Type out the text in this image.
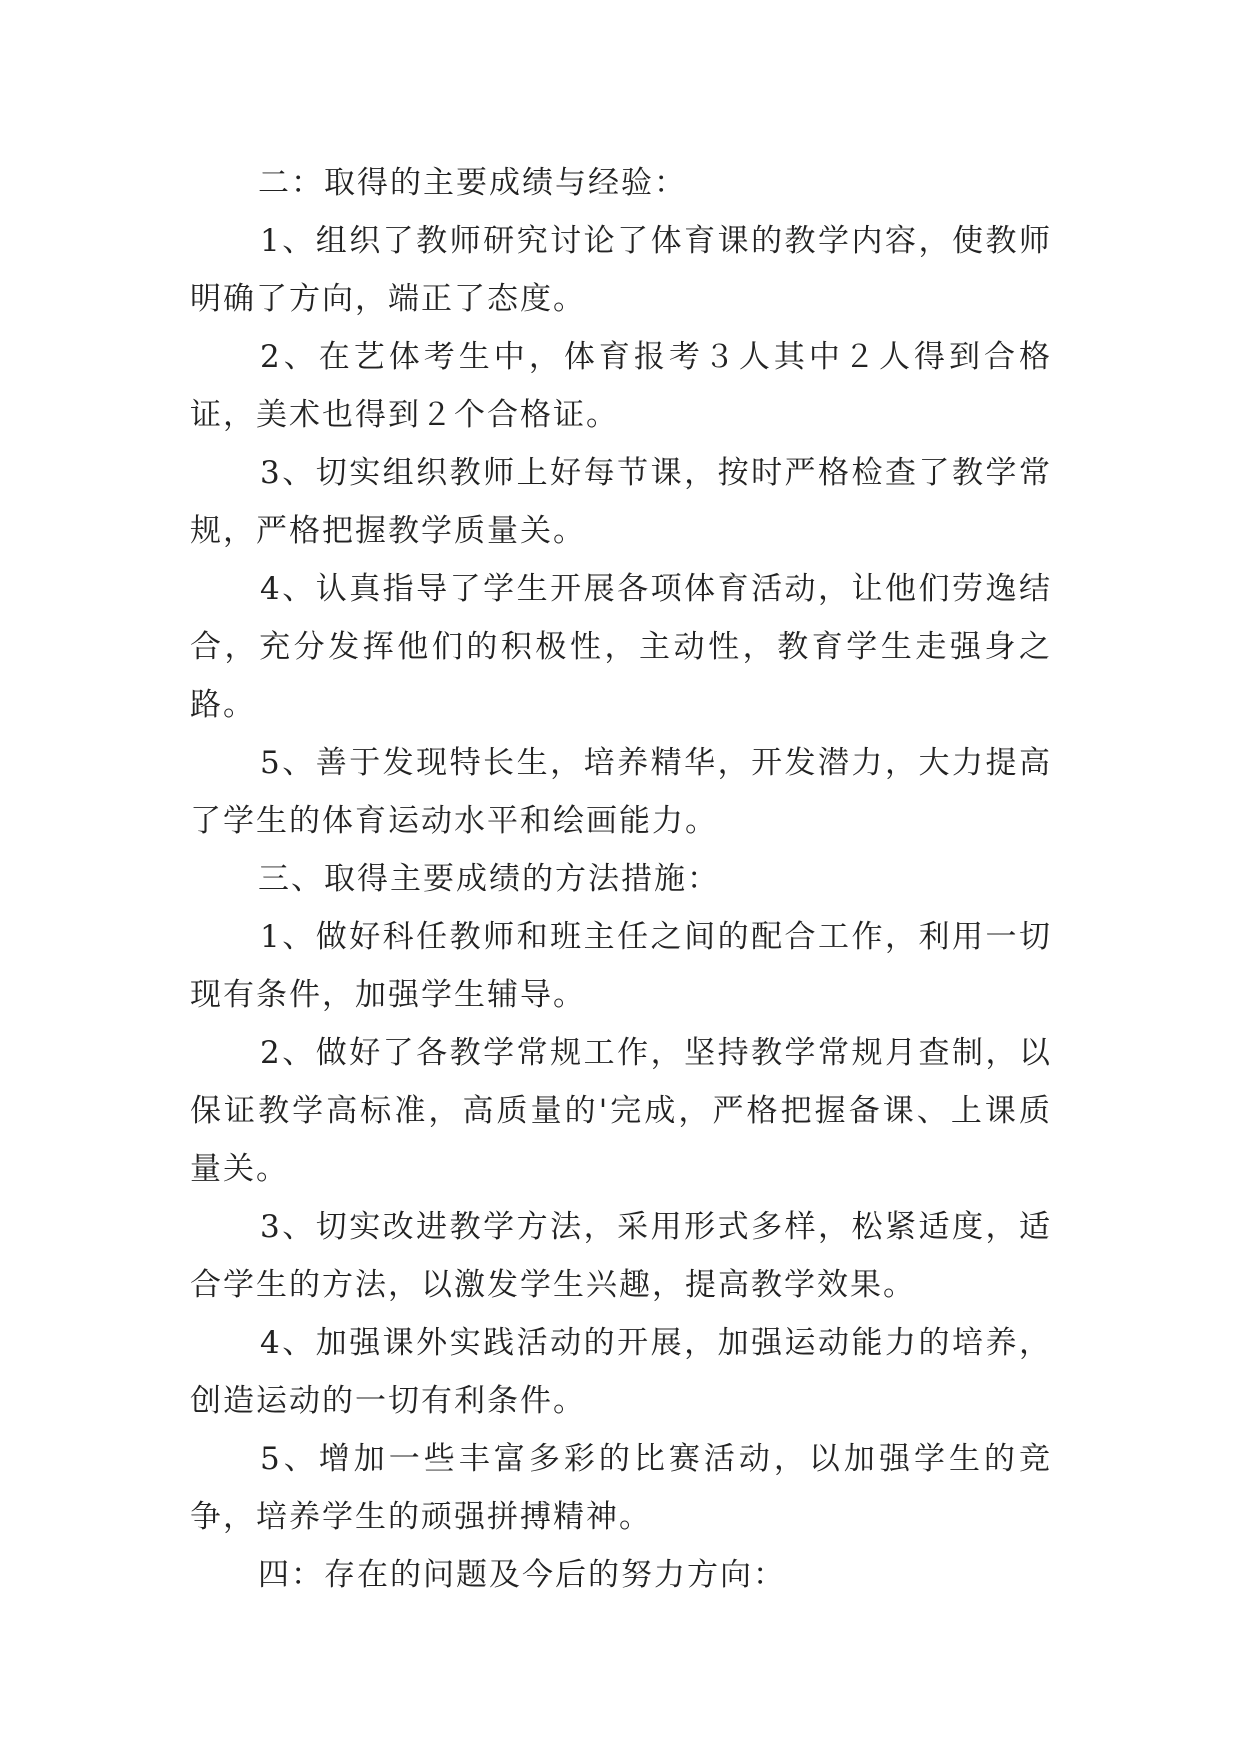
二：取得的主要成绩与经验：

1、组织了教师研究讨论了体育课的教学内容，使教师明确了方向，端正了态度。

2、在艺体考生中，体育报考３人其中２人得到合格证，美术也得到２个合格证。

3、切实组织教师上好每节课，按时严格检查了教学常规，严格把握教学质量关。

4、认真指导了学生开展各项体育活动，让他们劳逸结合，充分发挥他们的积极性，主动性，教育学生走强身之路。

5、善于发现特长生，培养精华，开发潜力，大力提高了学生的体育运动水平和绘画能力。

三、取得主要成绩的方法措施：

1、做好科任教师和班主任之间的配合工作，利用一切现有条件，加强学生辅导。

2、做好了各教学常规工作，坚持教学常规月查制，以保证教学高标准，高质量的'完成，严格把握备课、上课质量关。

3、切实改进教学方法，采用形式多样，松紧适度，适合学生的方法，以激发学生兴趣，提高教学效果。

4、加强课外实践活动的开展，加强运动能力的培养，创造运动的一切有利条件。

5、增加一些丰富多彩的比赛活动，以加强学生的竞争，培养学生的顽强拼搏精神。

四：存在的问题及今后的努力方向：
